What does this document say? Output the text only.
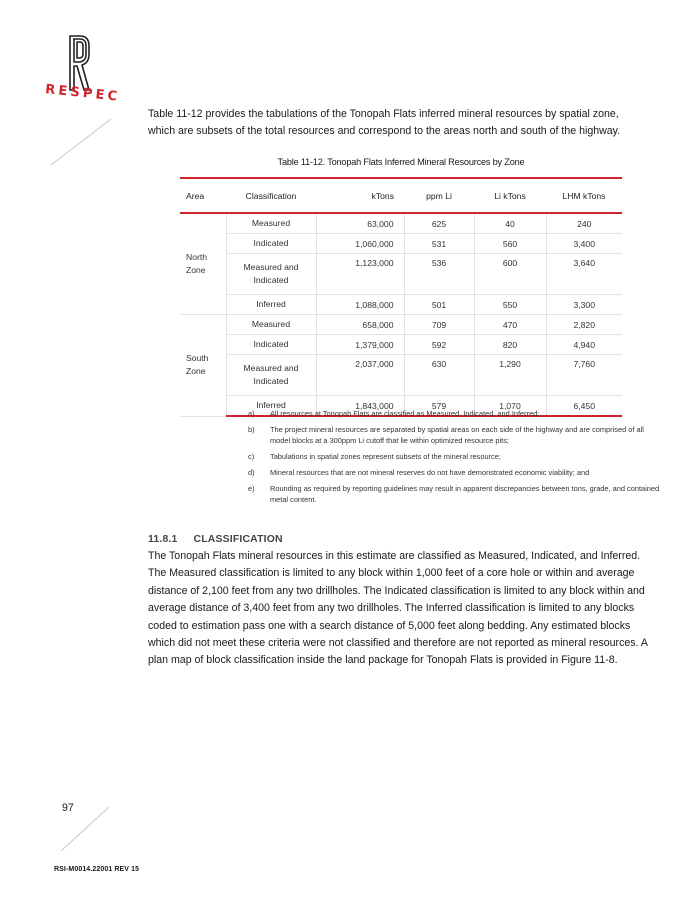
RESPEC

Table 11-12 provides the tabulations of the Tonopah Flats inferred mineral resources by spatial zone, which are subsets of the total resources and correspond to the areas north and south of the highway.

Table 11-12. Tonopah Flats Inferred Mineral Resources by Zone

Area	Classification	kTons	ppm Li	Li kTons	LHM kTons
North Zone	Measured	63,000	625	40	240
	Indicated	1,060,000	531	560	3,400
	Measured and Indicated	1,123,000	536	600	3,640
	Inferred	1,088,000	501	550	3,300
South Zone	Measured	658,000	709	470	2,820
	Indicated	1,379,000	592	820	4,940
	Measured and Indicated	2,037,000	630	1,290	7,760
	Inferred	1,843,000	579	1,070	6,450
a)	All resources at Tonopah Flats are classified as Measured, Indicated, and Inferred;
b)	The project mineral resources are separated by spatial areas on each side of the highway and are comprised of all model blocks at a 300ppm Li cutoff that lie within optimized resource pits;
c)	Tabulations in spatial zones represent subsets of the mineral resource;
d)	Mineral resources that are not mineral reserves do not have demonstrated economic viability; and
e)	Rounding as required by reporting guidelines may result in apparent discrepancies between tons, grade, and contained metal content.
11.8.1 CLASSIFICATION

The Tonopah Flats mineral resources in this estimate are classified as Measured, Indicated, and Inferred. The Measured classification is limited to any block within 1,000 feet of a core hole or within and average distance of 2,100 feet from any two drillholes. The Indicated classification is limited to any block within and average distance of 3,400 feet from any two drillholes. The Inferred classification is limited to any blocks coded to estimation pass one with a search distance of 5,000 feet along bedding. Any estimated blocks which did not meet these criteria were not classified and therefore are not reported as mineral resources. A plan map of block classification inside the land package for Tonopah Flats is provided in Figure 11-8.

97

RSI-M0014.22001 REV 15
